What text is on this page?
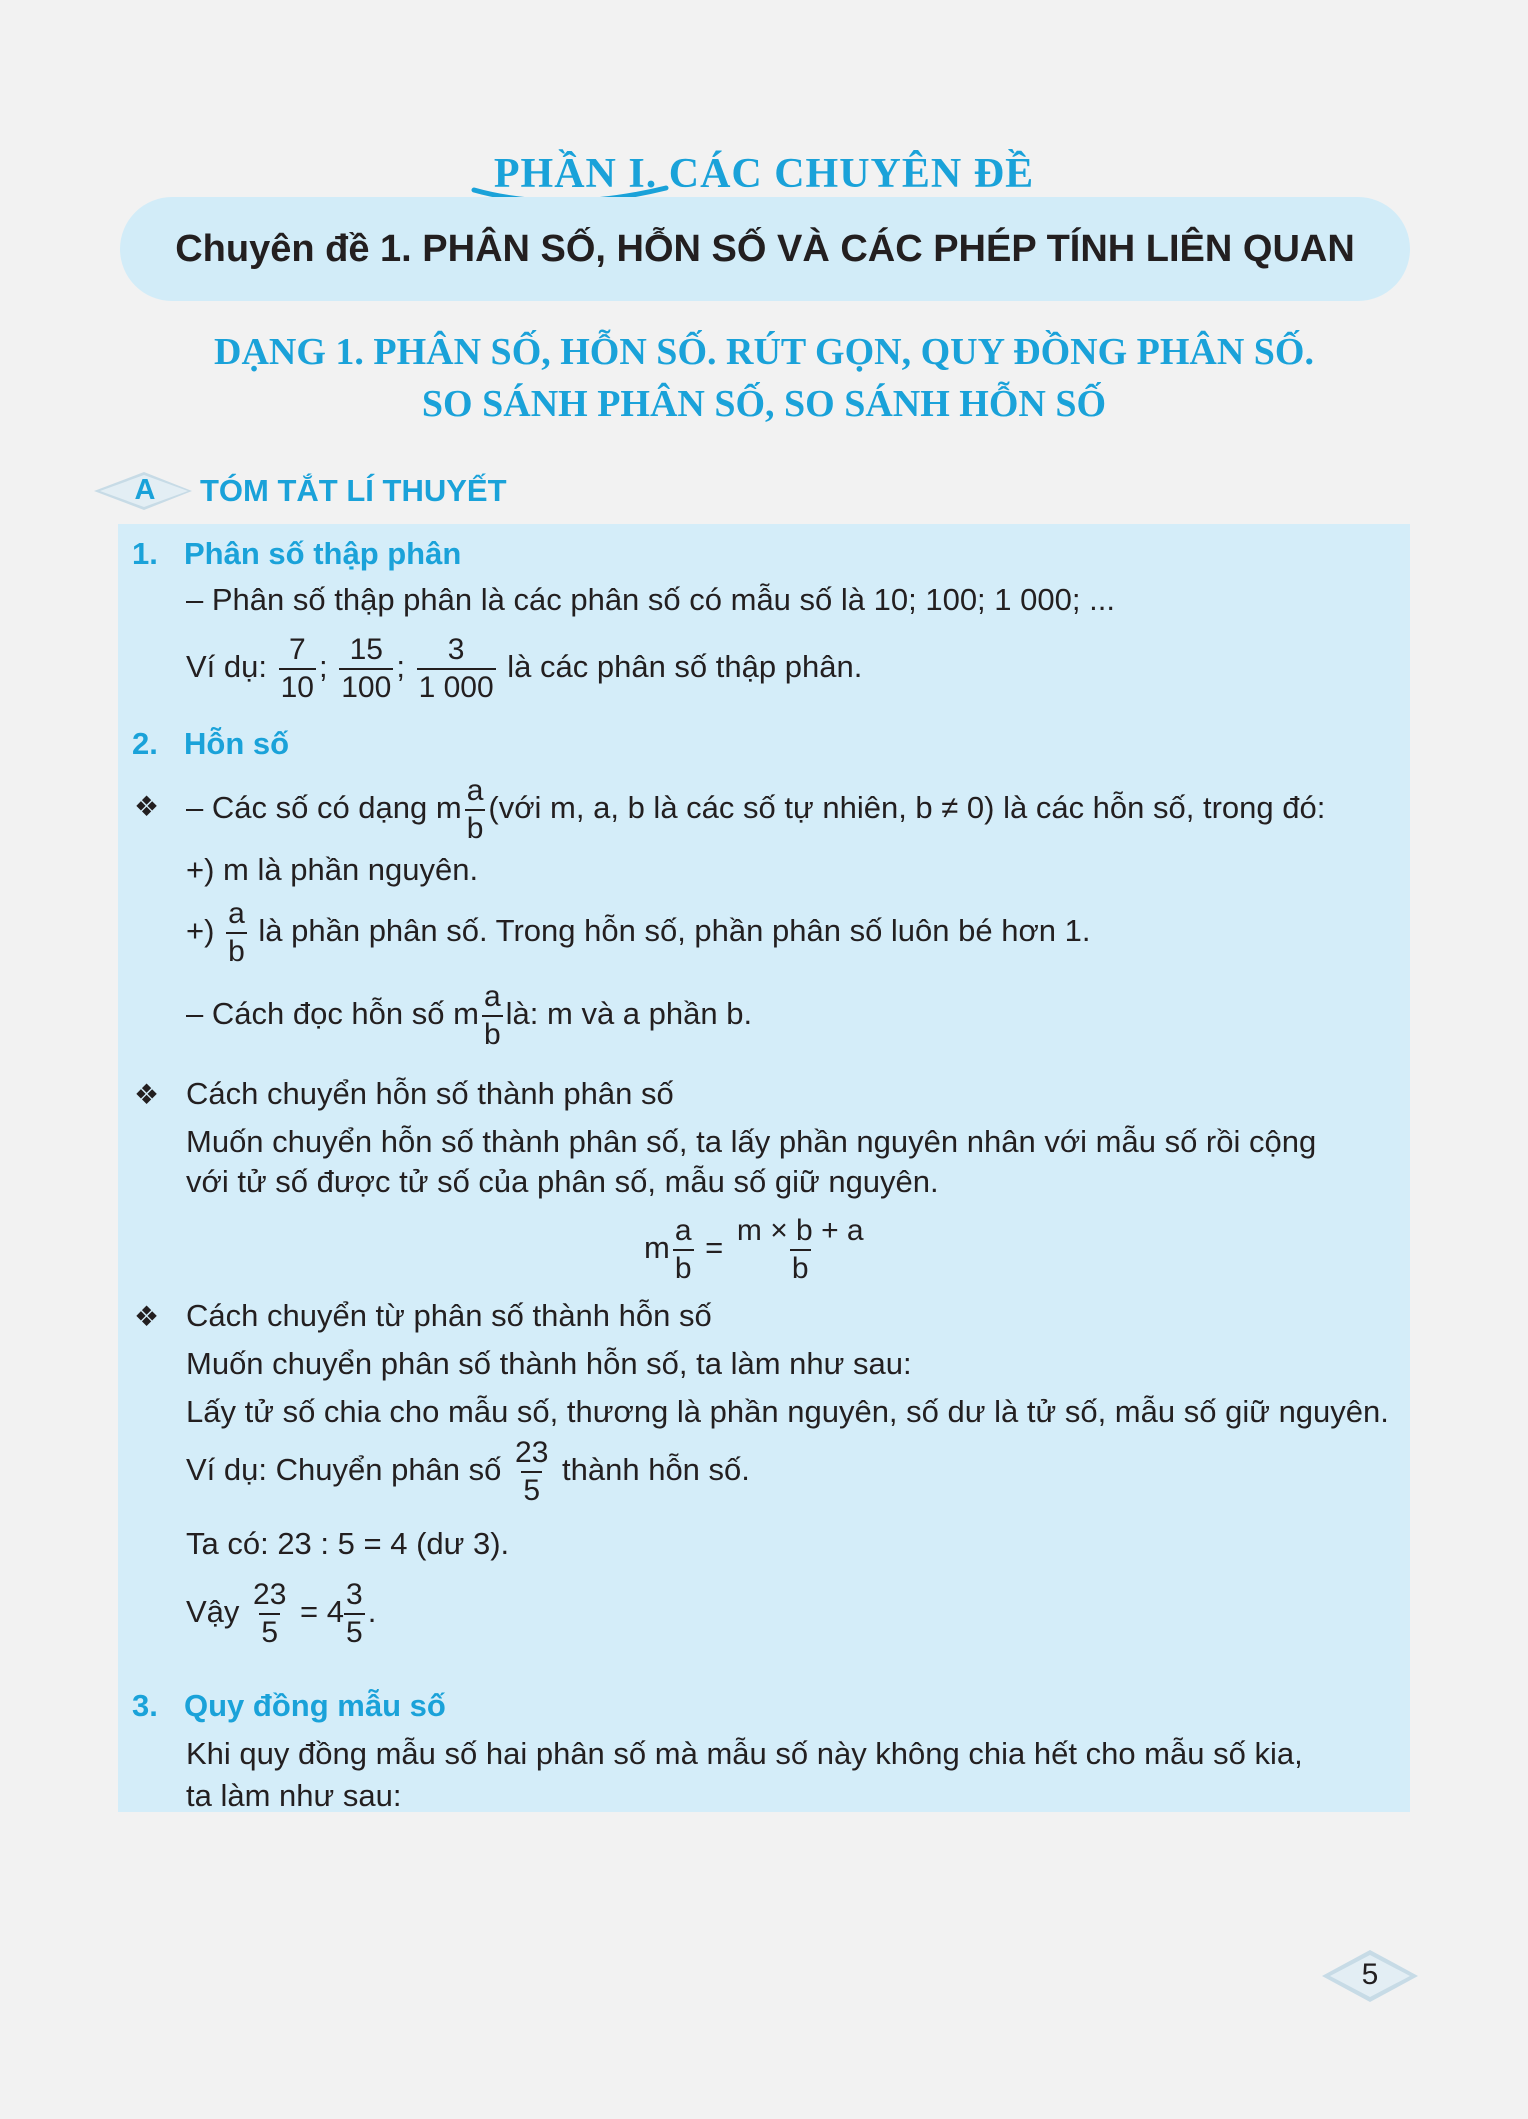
PHẦN I. CÁC CHUYÊN ĐỀ
Chuyên đề 1. PHÂN SỐ, HỖN SỐ VÀ CÁC PHÉP TÍNH LIÊN QUAN
DẠNG 1. PHÂN SỐ, HỖN SỐ. RÚT GỌN, QUY ĐỒNG PHÂN SỐ.
SO SÁNH PHÂN SỐ, SO SÁNH HỖN SỐ
A TÓM TẮT LÍ THUYẾT
1. Phân số thập phân
– Phân số thập phân là các phân số có mẫu số là 10; 100; 1 000; ...
Ví dụ: $\frac{7}{10}$ ; $\frac{15}{100}$ ; $\frac{3}{1 000}$ là các phân số thập phân.
2. Hỗn số
❖ – Các số có dạng m $\frac{a}{b}$ (với m, a, b là các số tự nhiên, b ≠ 0) là các hỗn số, trong đó:
+) m là phần nguyên.
+) $\frac{a}{b}$ là phần phân số. Trong hỗn số, phần phân số luôn bé hơn 1.
– Cách đọc hỗn số m $\frac{a}{b}$ là: m và a phần b.
❖ Cách chuyển hỗn số thành phân số
Muốn chuyển hỗn số thành phân số, ta lấy phần nguyên nhân với mẫu số rồi cộng
với tử số được tử số của phân số, mẫu số giữ nguyên.
m $\frac{a}{b} = \frac{m \times b + a}{b}$
❖ Cách chuyển từ phân số thành hỗn số
Muốn chuyển phân số thành hỗn số, ta làm như sau:
Lấy tử số chia cho mẫu số, thương là phần nguyên, số dư là tử số, mẫu số giữ nguyên.
Ví dụ: Chuyển phân số $\frac{23}{5}$ thành hỗn số.
Ta có: 23 : 5 = 4 (dư 3).
Vậy $\frac{23}{5} = 4 \frac{3}{5}$ .
3. Quy đồng mẫu số
Khi quy đồng mẫu số hai phân số mà mẫu số này không chia hết cho mẫu số kia,
ta làm như sau:
5
